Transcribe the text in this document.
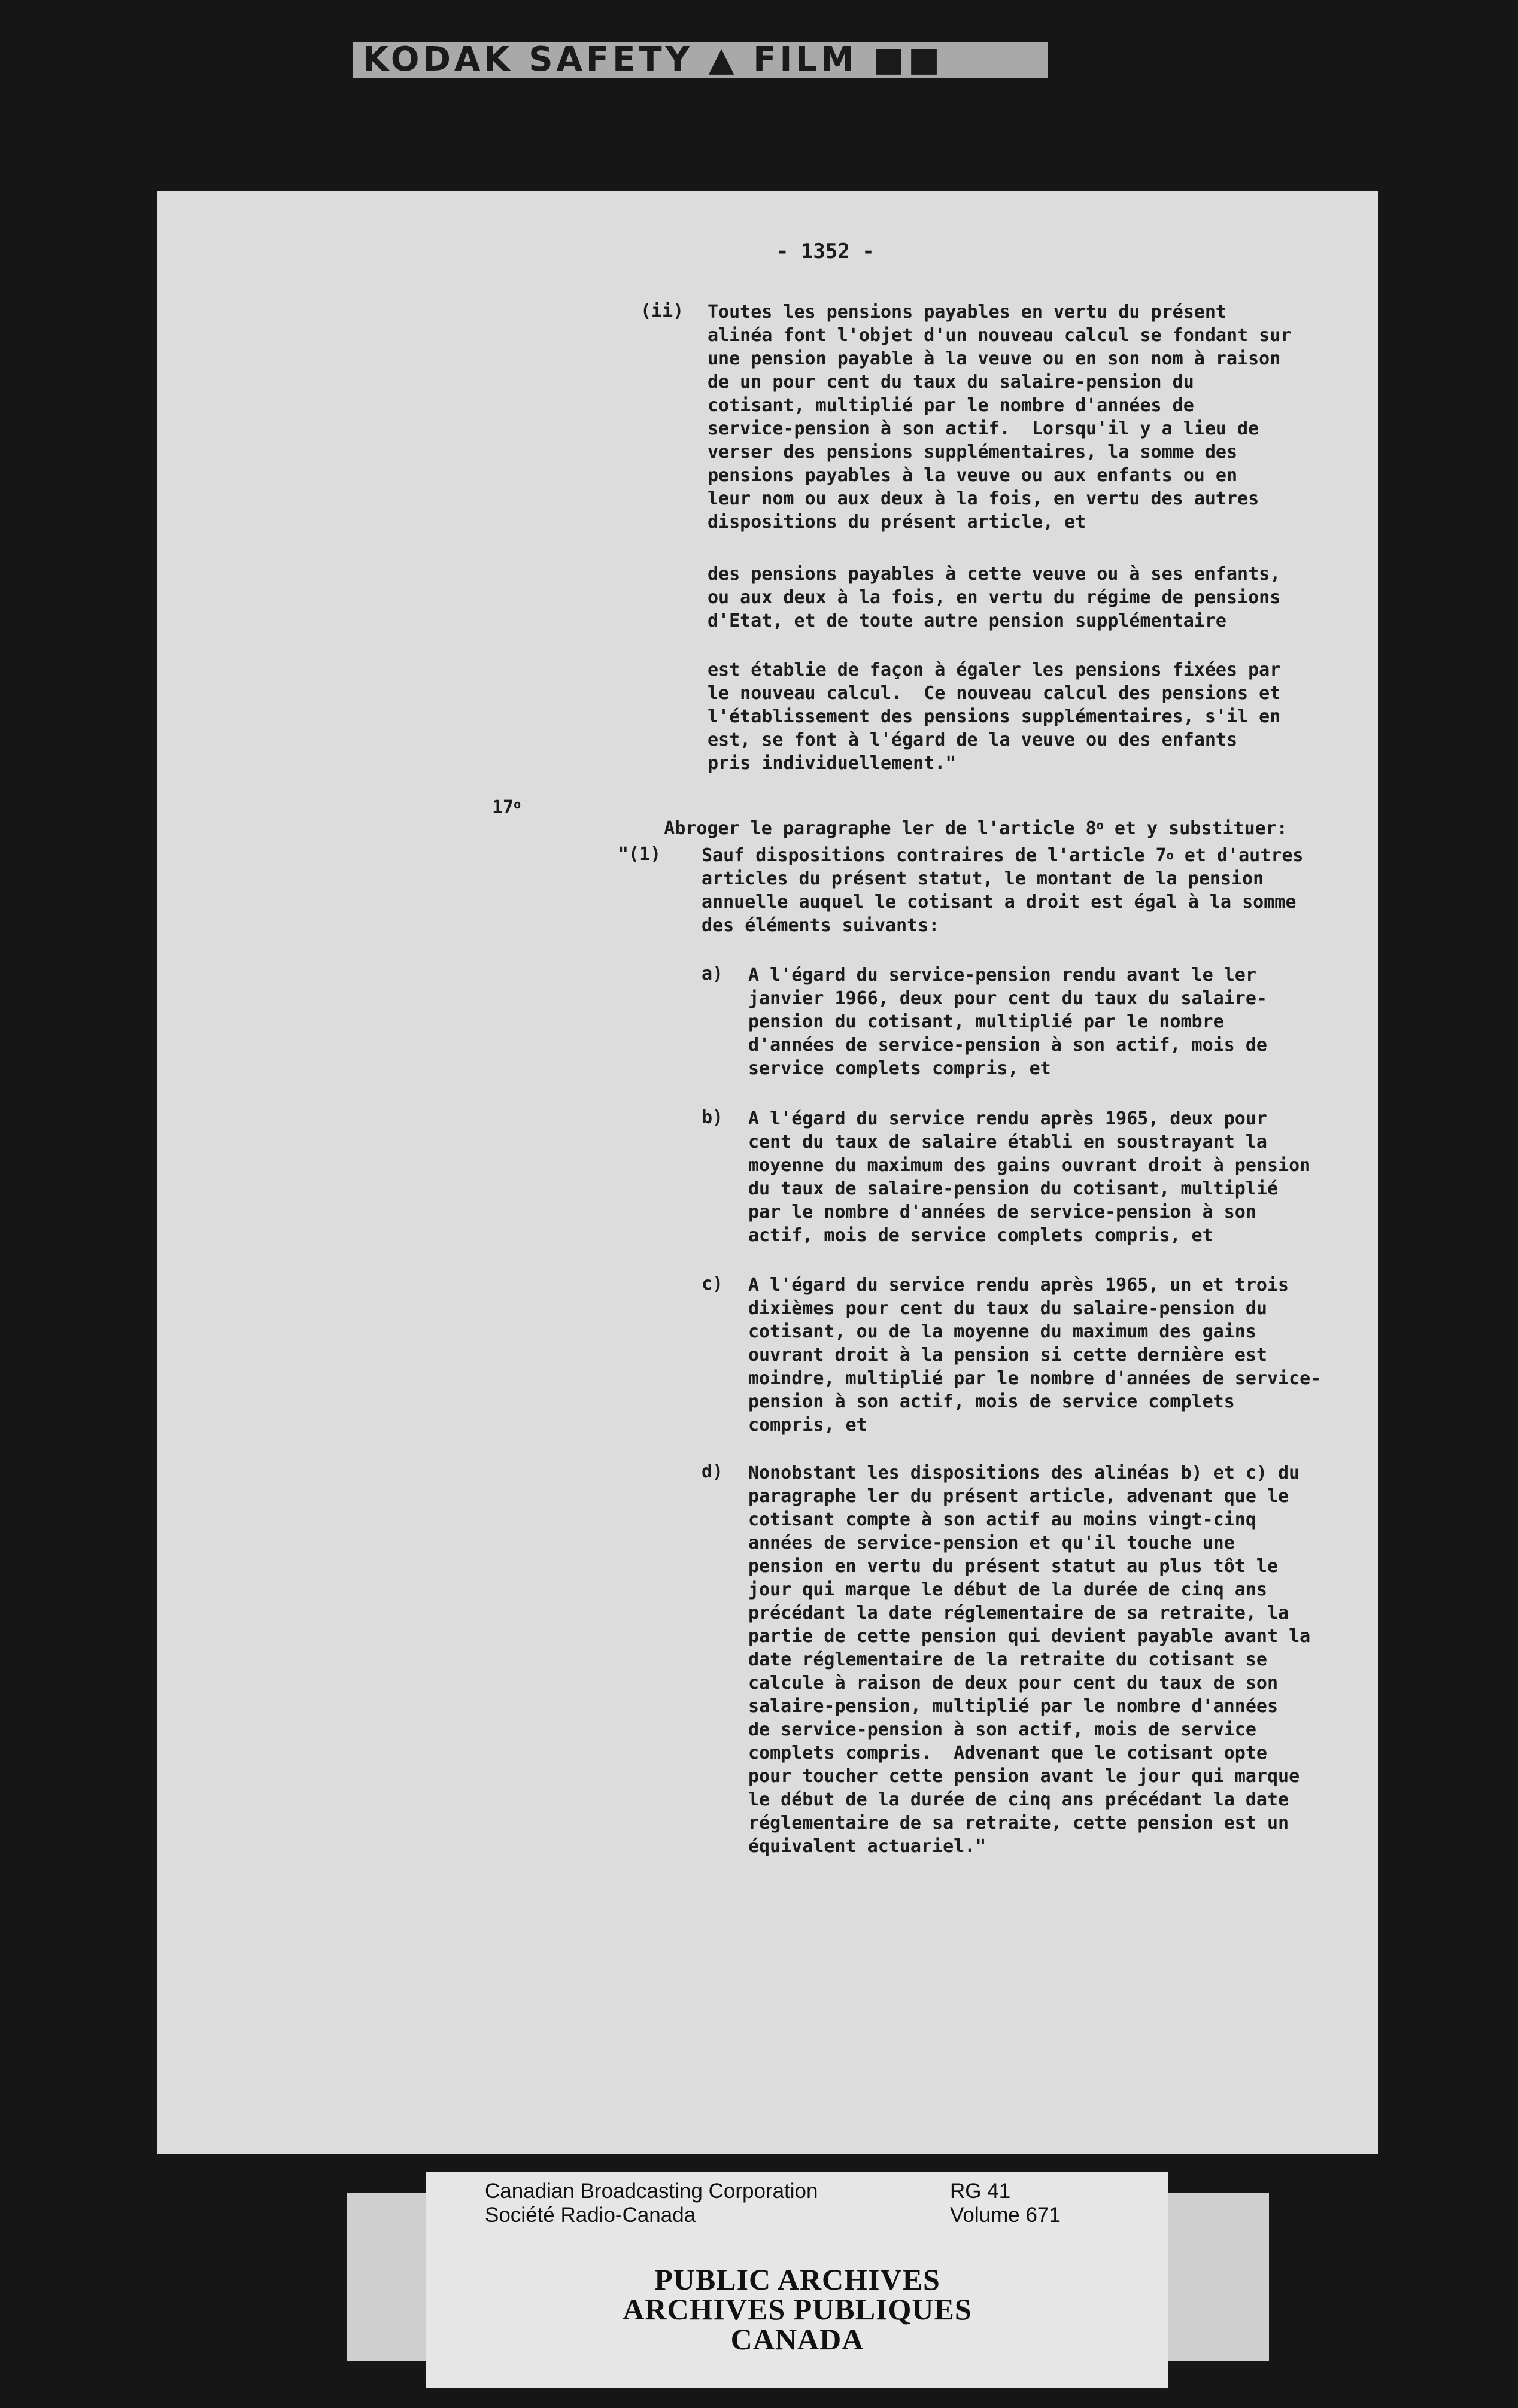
KODAK SAFETY ▲ FILM ■■
- 1352 -
(ii) Toutes les pensions payables en vertu du présent
alinéa font l'objet d'un nouveau calcul se fondant sur
une pension payable à la veuve ou en son nom à raison
de un pour cent du taux du salaire-pension du
cotisant, multiplié par le nombre d'années de
service-pension à son actif.  Lorsqu'il y a lieu de
verser des pensions supplémentaires, la somme des
pensions payables à la veuve ou aux enfants ou en
leur nom ou aux deux à la fois, en vertu des autres
dispositions du présent article, et
des pensions payables à cette veuve ou à ses enfants,
ou aux deux à la fois, en vertu du régime de pensions
d'Etat, et de toute autre pension supplémentaire
est établie de façon à égaler les pensions fixées par
le nouveau calcul.  Ce nouveau calcul des pensions et
l'établissement des pensions supplémentaires, s'il en
est, se font à l'égard de la veuve ou des enfants
pris individuellement."
17$^o$

Abroger le paragraphe ler de l'article 8$^o$ et y substituer:

"(1) Sauf dispositions contraires de l'article 7$^o$ et d'autres
articles du présent statut, le montant de la pension
annuelle auquel le cotisant a droit est égal à la somme
des éléments suivants:
a) A l'égard du service-pension rendu avant le ler
janvier 1966, deux pour cent du taux du salaire-
pension du cotisant, multiplié par le nombre
d'années de service-pension à son actif, mois de
service complets compris, et
b) A l'égard du service rendu après 1965, deux pour
cent du taux de salaire établi en soustrayant la
moyenne du maximum des gains ouvrant droit à pension
du taux de salaire-pension du cotisant, multiplié
par le nombre d'années de service-pension à son
actif, mois de service complets compris, et
c) A l'égard du service rendu après 1965, un et trois
dixièmes pour cent du taux du salaire-pension du
cotisant, ou de la moyenne du maximum des gains
ouvrant droit à la pension si cette dernière est
moindre, multiplié par le nombre d'années de service-
pension à son actif, mois de service complets
compris, et
d) Nonobstant les dispositions des alinéas b) et c) du
paragraphe ler du présent article, advenant que le
cotisant compte à son actif au moins vingt-cinq
années de service-pension et qu'il touche une
pension en vertu du présent statut au plus tôt le
jour qui marque le début de la durée de cinq ans
précédant la date réglementaire de sa retraite, la
partie de cette pension qui devient payable avant la
date réglementaire de la retraite du cotisant se
calcule à raison de deux pour cent du taux de son
salaire-pension, multiplié par le nombre d'années
de service-pension à son actif, mois de service
complets compris.  Advenant que le cotisant opte
pour toucher cette pension avant le jour qui marque
le début de la durée de cinq ans précédant la date
réglementaire de sa retraite, cette pension est un
équivalent actuariel."
Canadian Broadcasting Corporation
Société Radio-Canada
RG 41
Volume 671
PUBLIC ARCHIVES
ARCHIVES PUBLIQUES
CANADA
